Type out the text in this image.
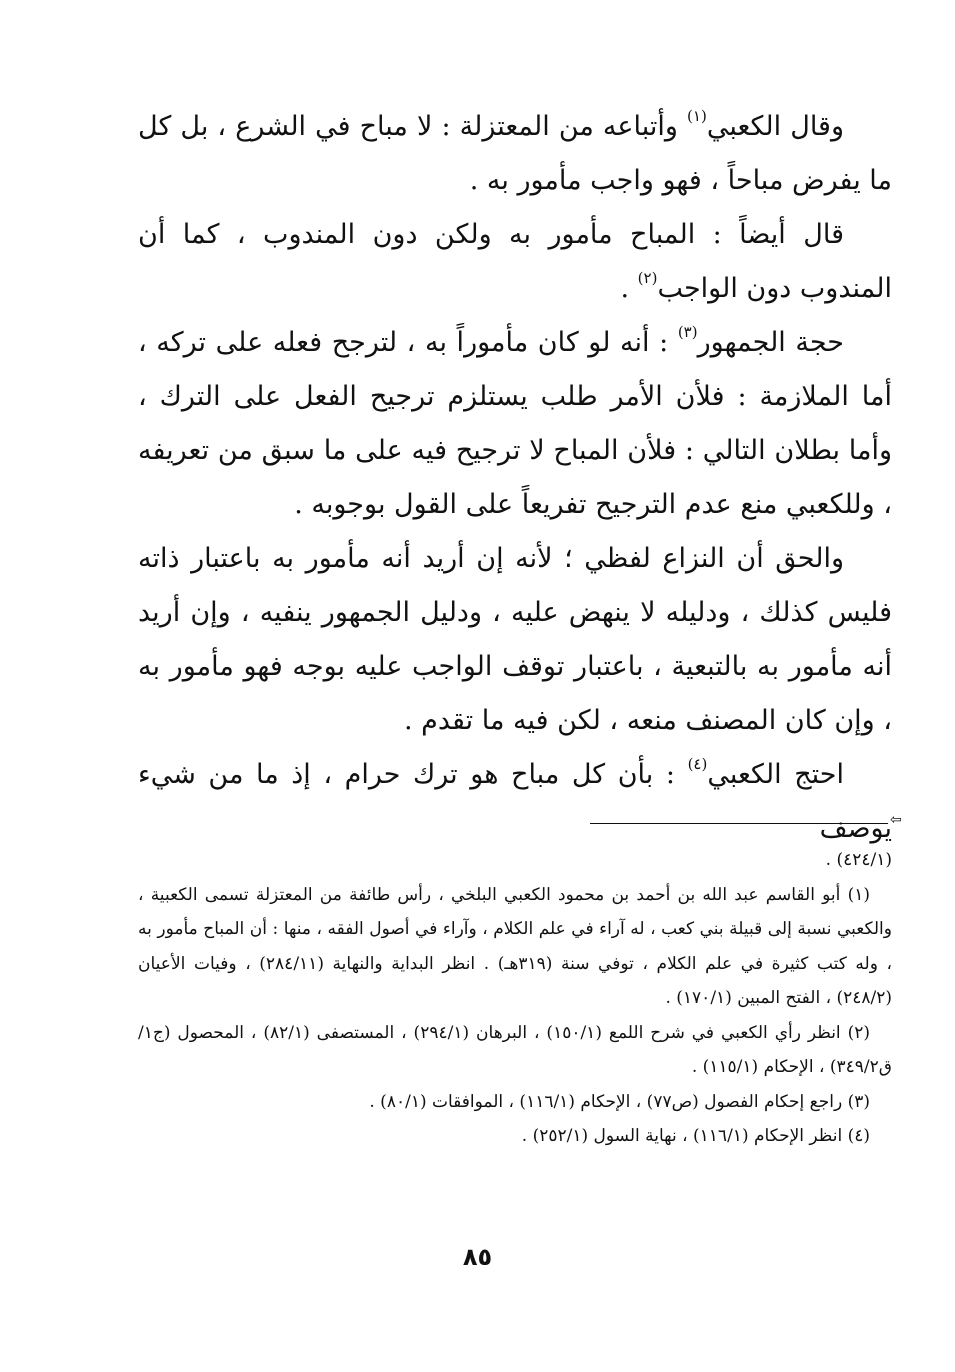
وقال الكعبي$^{(١)}$ وأتباعه من المعتزلة : لا مباح في الشرع ، بل كل ما يفرض مباحاً ، فهو واجب مأمور به .

قال أيضاً : المباح مأمور به ولكن دون المندوب ، كما أن المندوب دون الواجب$^{(٢)}$ .

حجة الجمهور$^{(٣)}$ : أنه لو كان مأموراً به ، لترجح فعله على تركه ، أما الملازمة : فلأن الأمر طلب يستلزم ترجيح الفعل على الترك ، وأما بطلان التالي : فلأن المباح لا ترجيح فيه على ما سبق من تعريفه ، وللكعبي منع عدم الترجيح تفريعاً على القول بوجوبه .

والحق أن النزاع لفظي ؛ لأنه إن أريد أنه مأمور به باعتبار ذاته فليس كذلك ، ودليله لا ينهض عليه ، ودليل الجمهور ينفيه ، وإن أريد أنه مأمور به بالتبعية ، باعتبار توقف الواجب عليه بوجه فهو مأمور به ، وإن كان المصنف منعه ، لكن فيه ما تقدم .

احتج الكعبي$^{(٤)}$ : بأن كل مباح هو ترك حرام ، إذ ما من شيء يوصف

⇦

(٤٢٤/١) .

(١) أبو القاسم عبد الله بن أحمد بن محمود الكعبي البلخي ، رأس طائفة من المعتزلة تسمى الكعبية ، والكعبي نسبة إلى قبيلة بني كعب ، له آراء في علم الكلام ، وآراء في أصول الفقه ، منها : أن المباح مأمور به ، وله كتب كثيرة في علم الكلام ، توفي سنة (٣١٩هـ) . انظر البداية والنهاية (٢٨٤/١١) ، وفيات الأعيان (٢٤٨/٢) ، الفتح المبين (١٧٠/١) .

(٢) انظر رأي الكعبي في شرح اللمع (١٥٠/١) ، البرهان (٢٩٤/١) ، المستصفى (٨٢/١) ، المحصول (ج١/ ق٣٤٩/٢) ، الإحكام (١١٥/١) .

(٣) راجع إحكام الفصول (ص٧٧) ، الإحكام (١١٦/١) ، الموافقات (٨٠/١) .

(٤) انظر الإحكام (١١٦/١) ، نهاية السول (٢٥٢/١) .

٨٥
